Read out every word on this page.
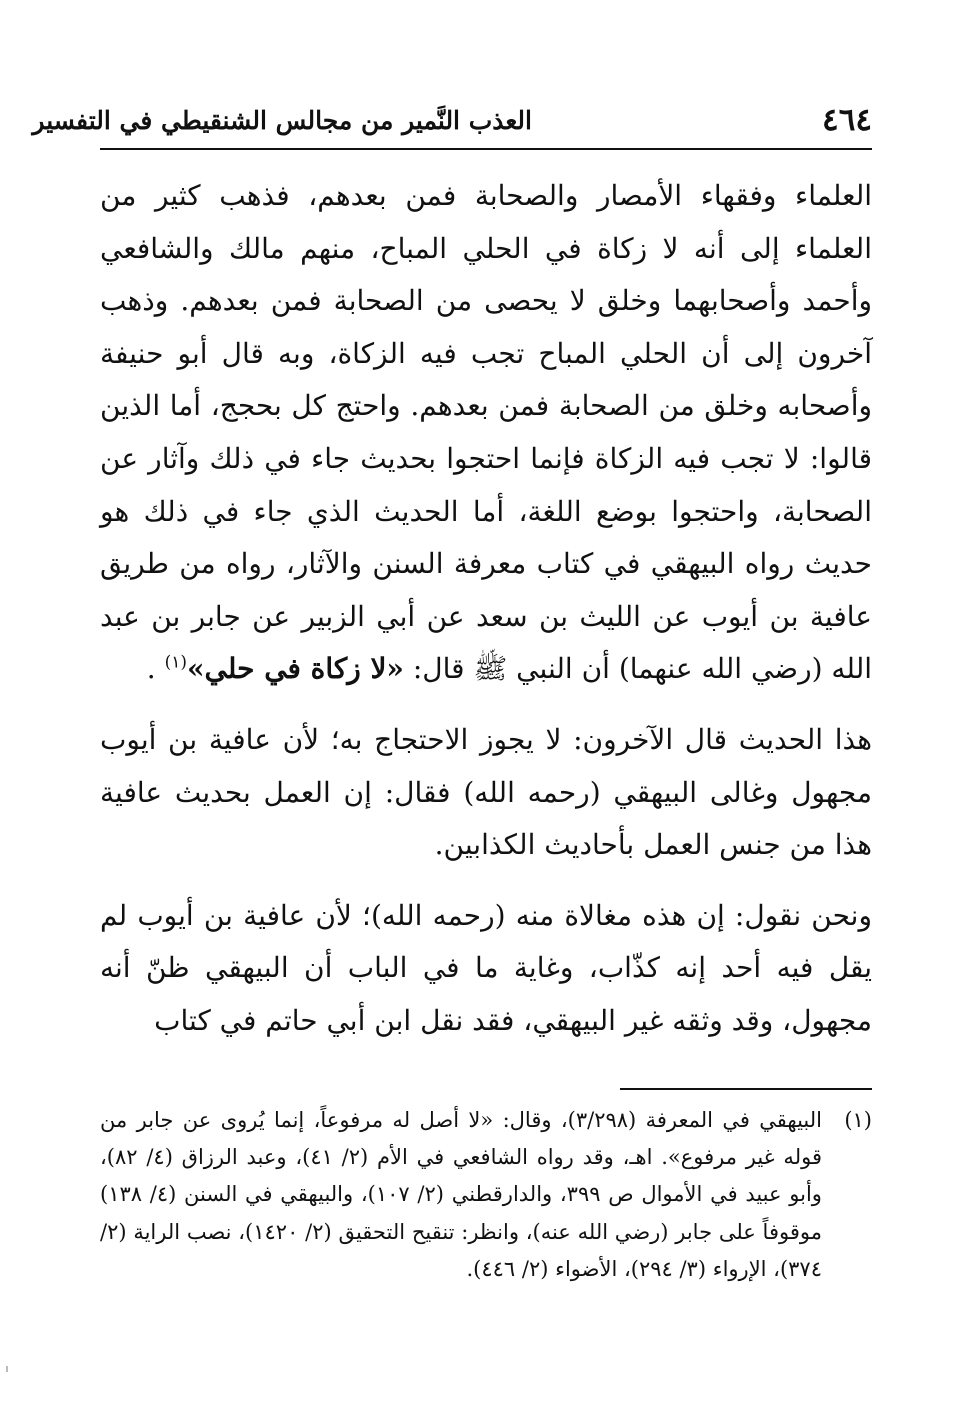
٤٦٤
العذب النَّمير من مجالس الشنقيطي في التفسير

العلماء وفقهاء الأمصار والصحابة فمن بعدهم، فذهب كثير من العلماء إلى أنه لا زكاة في الحلي المباح، منهم مالك والشافعي وأحمد وأصحابهما وخلق لا يحصى من الصحابة فمن بعدهم. وذهب آخرون إلى أن الحلي المباح تجب فيه الزكاة، وبه قال أبو حنيفة وأصحابه وخلق من الصحابة فمن بعدهم. واحتج كل بحجج، أما الذين قالوا: لا تجب فيه الزكاة فإنما احتجوا بحديث جاء في ذلك وآثار عن الصحابة، واحتجوا بوضع اللغة، أما الحديث الذي جاء في ذلك هو حديث رواه البيهقي في كتاب معرفة السنن والآثار، رواه من طريق عافية بن أيوب عن الليث بن سعد عن أبي الزبير عن جابر بن عبد الله (رضي الله عنهما) أن النبي ﷺ قال: «لا زكاة في حلي»$^{(١)}$ .

هذا الحديث قال الآخرون: لا يجوز الاحتجاج به؛ لأن عافية بن أيوب مجهول وغالى البيهقي (رحمه الله) فقال: إن العمل بحديث عافية هذا من جنس العمل بأحاديث الكذابين.

ونحن نقول: إن هذه مغالاة منه (رحمه الله)؛ لأن عافية بن أيوب لم يقل فيه أحد إنه كذّاب، وغاية ما في الباب أن البيهقي ظنّ أنه مجهول، وقد وثقه غير البيهقي، فقد نقل ابن أبي حاتم في كتاب

(١)
البيهقي في المعرفة (٣/٢٩٨)، وقال: «لا أصل له مرفوعاً، إنما يُروى عن جابر من قوله غير مرفوع». اهـ، وقد رواه الشافعي في الأم (٢/ ٤١)، وعبد الرزاق (٤/ ٨٢)، وأبو عبيد في الأموال ص ٣٩٩، والدارقطني (٢/ ١٠٧)، والبيهقي في السنن (٤/ ١٣٨) موقوفاً على جابر (رضي الله عنه)، وانظر: تنقيح التحقيق (٢/ ١٤٢٠)، نصب الراية (٢/ ٣٧٤)، الإرواء (٣/ ٢٩٤)، الأضواء (٢/ ٤٤٦).
